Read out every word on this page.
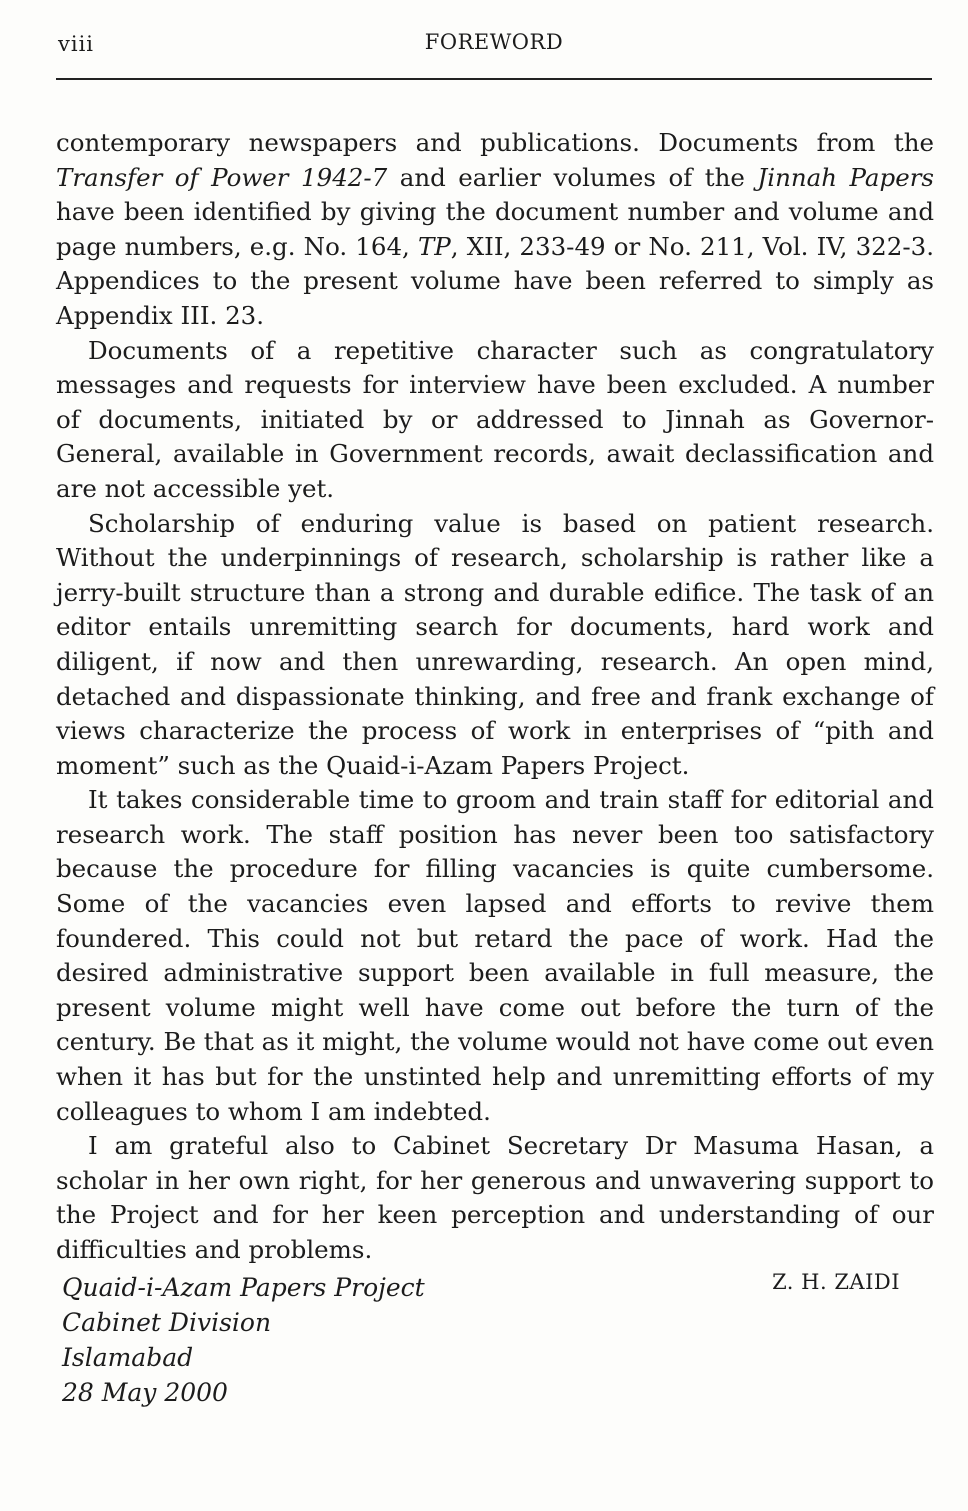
viii	FOREWORD

contemporary newspapers and publications. Documents from the Transfer of Power 1942-7 and earlier volumes of the Jinnah Papers have been identified by giving the document number and volume and page numbers, e.g. No. 164, TP, XII, 233-49 or No. 211, Vol. IV, 322-3. Appendices to the present volume have been referred to simply as Appendix III. 23.

Documents of a repetitive character such as congratulatory messages and requests for interview have been excluded. A number of documents, initiated by or addressed to Jinnah as Governor-General, available in Government records, await declassification and are not accessible yet.

Scholarship of enduring value is based on patient research. Without the underpinnings of research, scholarship is rather like a jerry-built structure than a strong and durable edifice. The task of an editor entails unremitting search for documents, hard work and diligent, if now and then unrewarding, research. An open mind, detached and dispassionate thinking, and free and frank exchange of views characterize the process of work in enterprises of “pith and moment” such as the Quaid-i-Azam Papers Project.

It takes considerable time to groom and train staff for editorial and research work. The staff position has never been too satisfactory because the procedure for filling vacancies is quite cumbersome. Some of the vacancies even lapsed and efforts to revive them foundered. This could not but retard the pace of work. Had the desired administrative support been available in full measure, the present volume might well have come out before the turn of the century. Be that as it might, the volume would not have come out even when it has but for the unstinted help and unremitting efforts of my colleagues to whom I am indebted.

I am grateful also to Cabinet Secretary Dr Masuma Hasan, a scholar in her own right, for her generous and unwavering support to the Project and for her keen perception and understanding of our difficulties and problems.

Quaid-i-Azam Papers Project
Cabinet Division
Islamabad
28 May 2000
Z. H. ZAIDI
